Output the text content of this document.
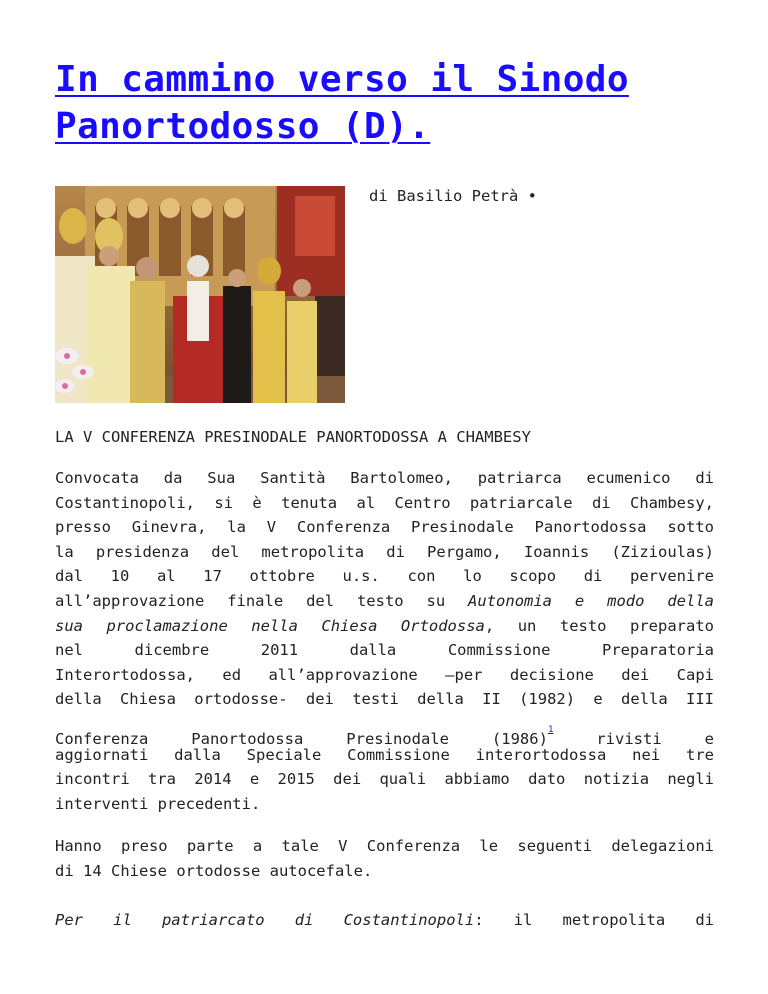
In cammino verso il Sinodo
Panortodosso (D).
di Basilio Petrà •
LA V CONFERENZA PRESINODALE PANORTODOSSA A CHAMBESY
Convocata da Sua Santità Bartolomeo, patriarca ecumenico di
Costantinopoli, si è tenuta al Centro patriarcale di Chambesy,
presso Ginevra, la V Conferenza Presinodale Panortodossa sotto
la presidenza del metropolita di Pergamo, Ioannis (Zizioulas)
dal 10 al 17 ottobre u.s. con lo scopo di pervenire
all’approvazione finale del testo su Autonomia e modo della
sua proclamazione nella Chiesa Ortodossa, un testo preparato
nel dicembre 2011 dalla Commissione Preparatoria
Interortodossa, ed all’approvazione –per decisione dei Capi
della Chiesa ortodosse- dei testi della II (1982) e della III
Conferenza Panortodossa Presinodale (1986)$^1$ rivisti e
aggiornati dalla Speciale Commissione interortodossa nei tre
incontri tra 2014 e 2015 dei quali abbiamo dato notizia negli
interventi precedenti.
Hanno preso parte a tale V Conferenza le seguenti delegazioni
di 14 Chiese ortodosse autocefale.
Per il patriarcato di Costantinopoli: il metropolita di
